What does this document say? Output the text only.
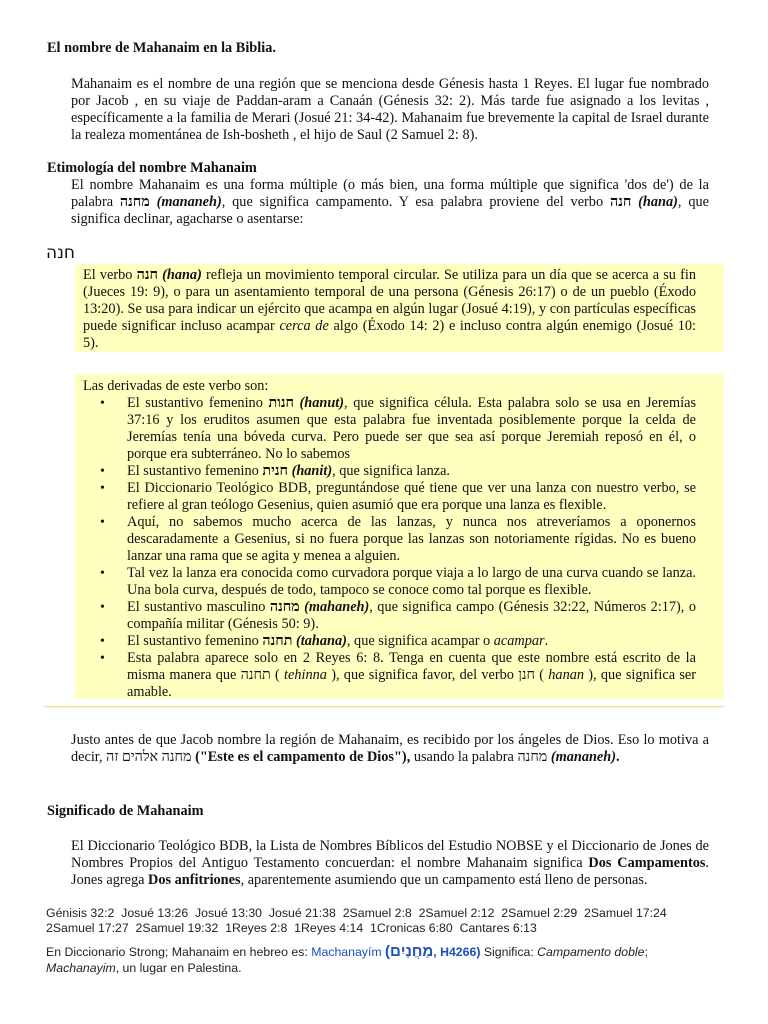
El nombre de Mahanaim en la Biblia.
Mahanaim es el nombre de una región que se menciona desde Génesis hasta 1 Reyes. El lugar fue nombrado por Jacob , en su viaje de Paddan-aram a Canaán (Génesis 32: 2). Más tarde fue asignado a los levitas , específicamente a la familia de Merari (Josué 21: 34-42). Mahanaim fue brevemente la capital de Israel durante la realeza momentánea de Ish-bosheth , el hijo de Saul (2 Samuel 2: 8).
Etimología del nombre Mahanaim
El nombre Mahanaim es una forma múltiple (o más bien, una forma múltiple que significa 'dos de') de la palabra מחנה (mananeh), que significa campamento. Y esa palabra proviene del verbo חנה (hana), que significa declinar, agacharse o asentarse:
חנה
El verbo חנה (hana) refleja un movimiento temporal circular. Se utiliza para un día que se acerca a su fin (Jueces 19: 9), o para un asentamiento temporal de una persona (Génesis 26:17) o de un pueblo (Éxodo 13:20). Se usa para indicar un ejército que acampa en algún lugar (Josué 4:19), y con partículas específicas puede significar incluso acampar cerca de algo (Éxodo 14: 2) e incluso contra algún enemigo (Josué 10: 5).
Las derivadas de este verbo son:
• El sustantivo femenino חנות (hanut), que significa célula. Esta palabra solo se usa en Jeremías 37:16 y los eruditos asumen que esta palabra fue inventada posiblemente porque la celda de Jeremías tenía una bóveda curva. Pero puede ser que sea así porque Jeremiah reposó en él, o porque era subterráneo. No lo sabemos
• El sustantivo femenino חנית (hanit), que significa lanza.
• El Diccionario Teológico BDB, preguntándose qué tiene que ver una lanza con nuestro verbo, se refiere al gran teólogo Gesenius, quien asumió que era porque una lanza es flexible.
• Aquí, no sabemos mucho acerca de las lanzas, y nunca nos atreveríamos a oponernos descaradamente a Gesenius, si no fuera porque las lanzas son notoriamente rígidas. No es bueno lanzar una rama que se agita y menea a alguien.
• Tal vez la lanza era conocida como curvadora porque viaja a lo largo de una curva cuando se lanza. Una bola curva, después de todo, tampoco se conoce como tal porque es flexible.
• El sustantivo masculino מחנה (mahaneh), que significa campo (Génesis 32:22, Números 2:17), o compañía militar (Génesis 50: 9).
• El sustantivo femenino תחנה (tahana), que significa acampar o acampar.
• Esta palabra aparece solo en 2 Reyes 6: 8. Tenga en cuenta que este nombre está escrito de la misma manera que תחנה ( tehinna ), que significa favor, del verbo חנן ( hanan ), que significa ser amable.
Justo antes de que Jacob nombre la región de Mahanaim, es recibido por los ángeles de Dios. Eso lo motiva a decir, מחנה אלהים זה ("Este es el campamento de Dios"), usando la palabra מחנה (mananeh).
Significado de Mahanaim
El Diccionario Teológico BDB, la Lista de Nombres Bíblicos del Estudio NOBSE y el Diccionario de Jones de Nombres Propios del Antiguo Testamento concuerdan: el nombre Mahanaim significa Dos Campamentos. Jones agrega Dos anfitriones, aparentemente asumiendo que un campamento está lleno de personas.
Génisis 32:2  Josué 13:26  Josué 13:30  Josué 21:38  2Samuel 2:8  2Samuel 2:12  2Samuel 2:29  2Samuel 17:24
2Samuel 17:27  2Samuel 19:32  1Reyes 2:8  1Reyes 4:14  1Cronicas 6:80  Cantares 6:13
En Diccionario Strong; Mahanaim en hebreo es: Machanayím (מַחֲנַיִם, H4266) Significa: Campamento doble;
Machanayim, un lugar en Palestina.
